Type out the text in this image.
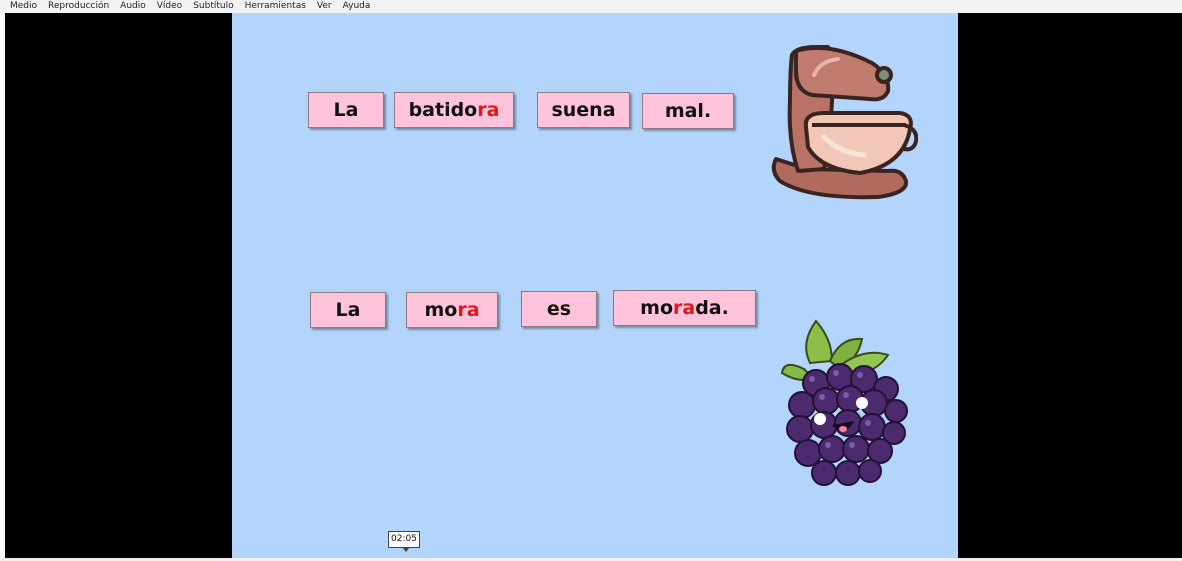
Medio	Reproducción	Audio	Vídeo	Subtítulo	Herramientas	Ver	Ayuda
La	batido ra	suena	mal.
La	mo ra	es	mo ra da.
02:05
